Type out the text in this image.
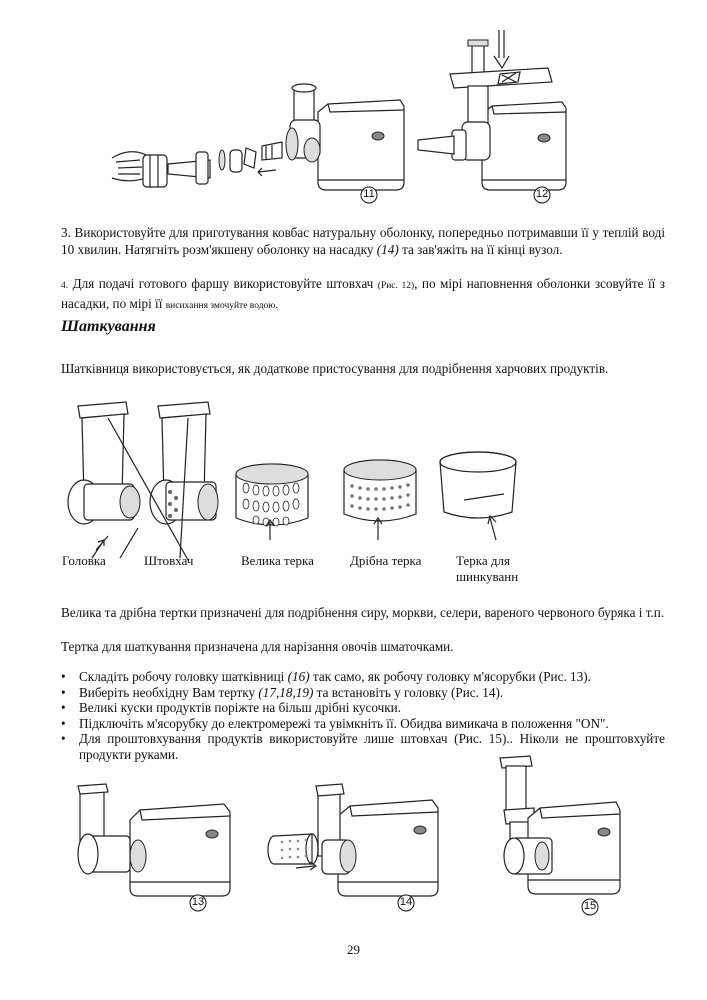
11	12
3. Використовуйте для приготування ковбас натуральну оболонку, попередньо потримавши її у теплій воді 10 хвилин. Натягніть розм'якшену оболонку на насадку (14) та зав'яжіть на її кінці вузол.
4. Для подачі готового фаршу використовуйте штовхач (Рис. 12), по мірі наповнення оболонки зсовуйте її з насадки, по мірі її висихання змочуйте водою.
Шаткування
Шатківниця використовується, як додаткове пристосування для подрібнення харчових продуктів.
Головка	Штовхач	Велика терка	Дрібна терка	Терка для шинкуванн
Велика та дрібна тертки призначені для подрібнення сиру, моркви, селери, вареного червоного буряка і т.п.
Тертка для шаткування призначена для нарізання овочів шматочками.
• Складіть робочу головку шатківниці (16) так само, як робочу головку м'ясорубки (Рис. 13).
• Виберіть необхідну Вам тертку (17,18,19) та встановіть у головку (Рис. 14).
• Великі куски продуктів поріжте на більш дрібні кусочки.
• Підключіть м'ясорубку до електромережі та увімкніть її. Обидва вимикача в положення "ON".
• Для проштовхування продуктів використовуйте лише штовхач (Рис. 15).. Ніколи не проштовхуйте продукти руками.
13	14	15
29
